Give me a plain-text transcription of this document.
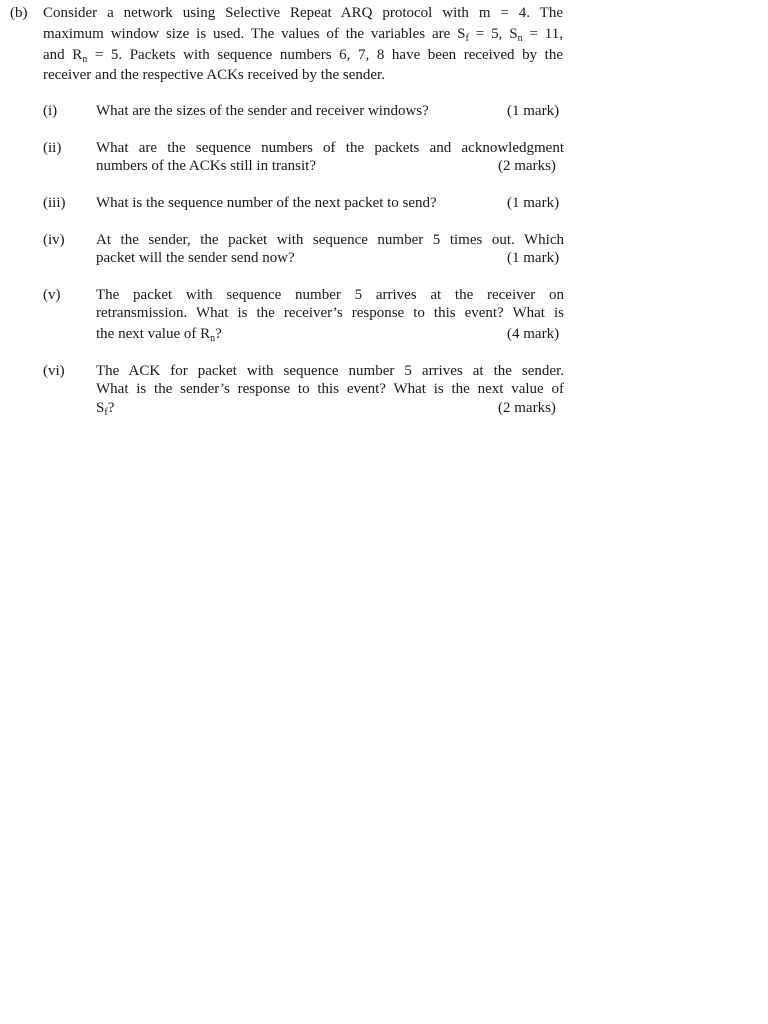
(b) Consider a network using Selective Repeat ARQ protocol with m = 4. The
maximum window size is used. The values of the variables are $S_f = 5$, $S_n = 11$,
and $R_n = 5$. Packets with sequence numbers 6, 7, 8 have been received by the
receiver and the respective ACKs received by the sender.
(i)	What are the sizes of the sender and receiver windows?	(1 mark)
(ii) What are the sequence numbers of the packets and acknowledgment
numbers of the ACKs still in transit?	(2 marks)
(iii) What is the sequence number of the next packet to send?	(1 mark)
(iv) At the sender, the packet with sequence number 5 times out. Which
packet will the sender send now?	(1 mark)
(v) The packet with sequence number 5 arrives at the receiver on
retransmission. What is the receiver’s response to this event? What is
the next value of $R_n$?	(4 mark)
(vi) The ACK for packet with sequence number 5 arrives at the sender.
What is the sender’s response to this event? What is the next value of
$S_f$?	(2 marks)
